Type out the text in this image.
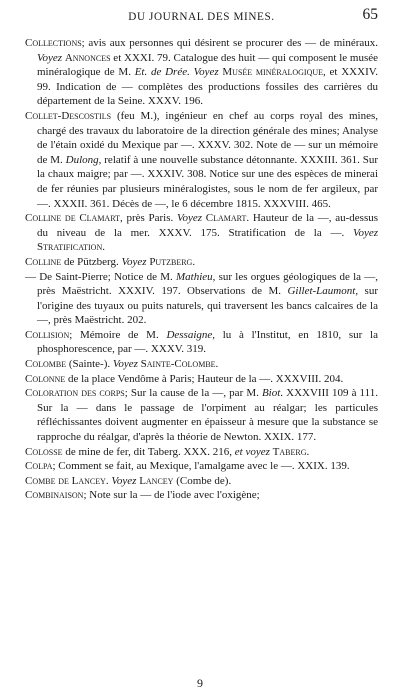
DU JOURNAL DES MINES.	65

Collections; avis aux personnes qui désirent se procurer des — de minéraux. Voyez Annonces et XXXI. 79. Catalogue des huit — qui composent le musée minéralogique de M. Et. de Drée. Voyez Musée minéralogique, et XXXIV. 99. Indication de — complètes des productions fossiles des carrières du département de la Seine. XXXV. 196.

Collet-Descostils (feu M.), ingénieur en chef au corps royal des mines, chargé des travaux du laboratoire de la direction générale des mines; Analyse de l'étain oxidé du Mexique par —. XXXV. 302. Note de — sur un mémoire de M. Dulong, relatif à une nouvelle substance détonnante. XXXIII. 361. Sur la chaux maigre; par —. XXXIV. 308. Notice sur une des espèces de minerai de fer réunies par plusieurs minéralogistes, sous le nom de fer argileux, par —. XXXII. 361. Décès de —, le 6 décembre 1815. XXXVIII. 465.

Colline de Clamart, près Paris. Voyez Clamart. Hauteur de la —, au-dessus du niveau de la mer. XXXV. 175. Stratification de la —. Voyez Stratification.

Colline de Pützberg. Voyez Putzberg.

— De Saint-Pierre; Notice de M. Mathieu, sur les orgues géologiques de la —, près Maëstricht. XXXIV. 197. Observations de M. Gillet-Laumont, sur l'origine des tuyaux ou puits naturels, qui traversent les bancs calcaires de la —, près Maëstricht. 202.

Collision; Mémoire de M. Dessaigne, lu à l'Institut, en 1810, sur la phosphorescence, par —. XXXV. 319.

Colombe (Sainte-). Voyez Sainte-Colombe.

Colonne de la place Vendôme à Paris; Hauteur de la —. XXXVIII. 204.

Coloration des corps; Sur la cause de la —, par M. Biot. XXXVIII 109 à 111. Sur la — dans le passage de l'orpiment au réalgar; les particules réfléchissantes doivent augmenter en épaisseur à mesure que la substance se rapproche du réalgar, d'après la théorie de Newton. XXIX. 177.

Colosse de mine de fer, dit Taberg. XXX. 216, et voyez Taberg.

Colpa; Comment se fait, au Mexique, l'amalgame avec le —. XXIX. 139.

Combe de Lancey. Voyez Lancey (Combe de).

Combinaison; Note sur la — de l'iode avec l'oxigène;

9
